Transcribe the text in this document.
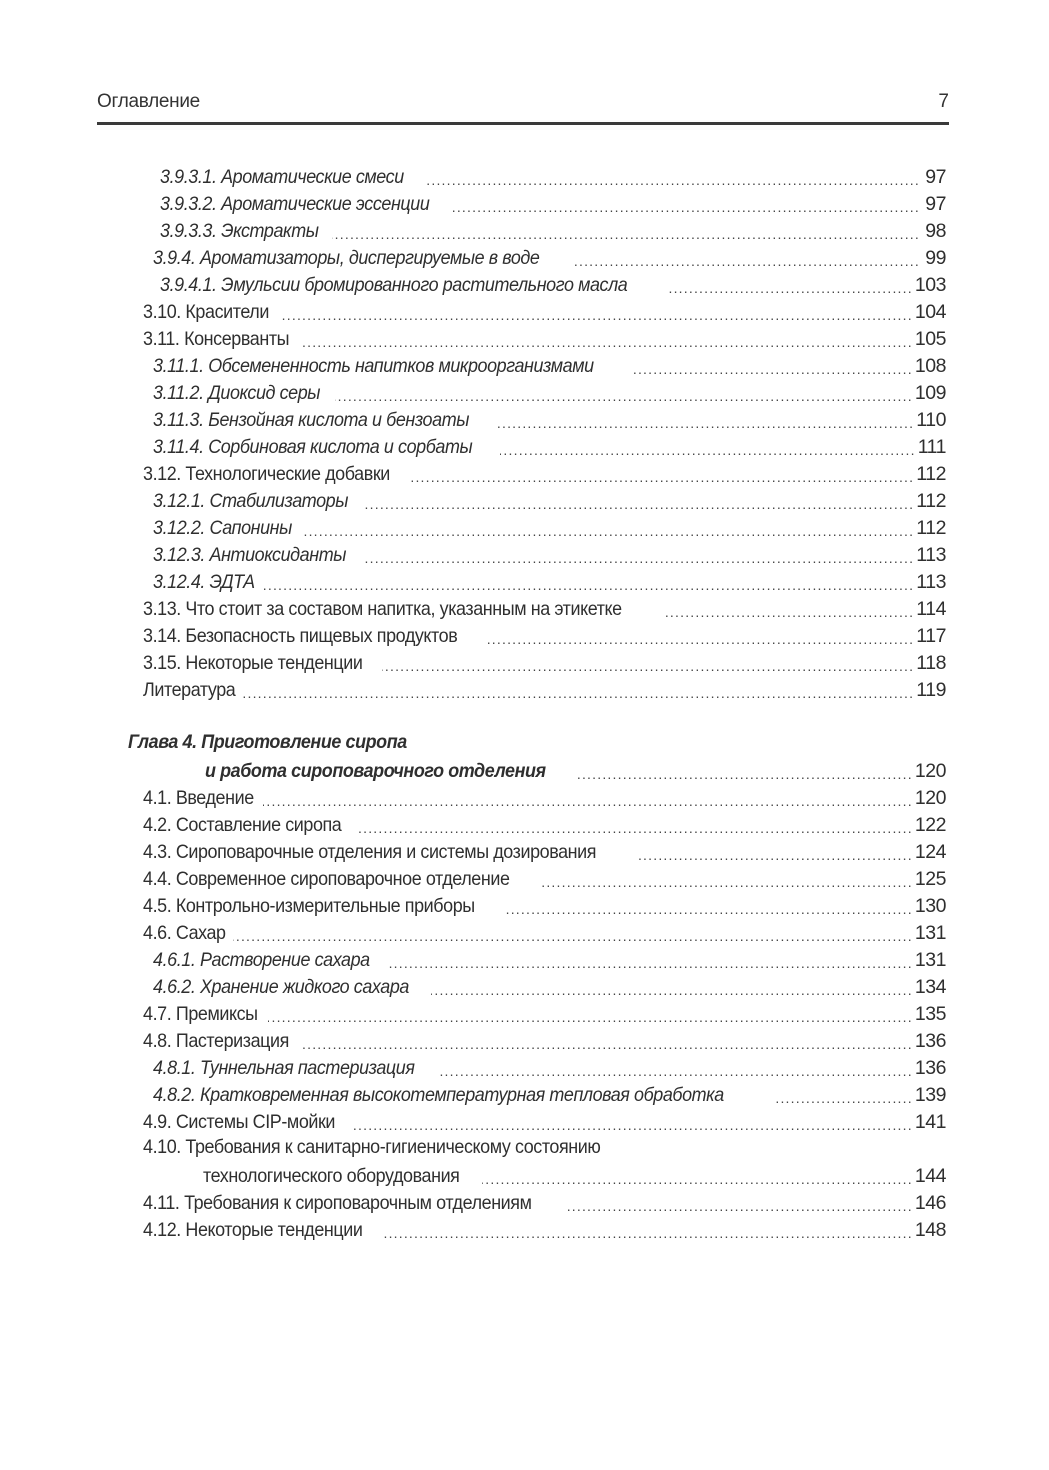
Оглавление	7
3.9.3.1. Ароматические смеси .....	97
3.9.3.2. Ароматические эссенции .....	97
3.9.3.3. Экстракты .....	98
3.9.4. Ароматизаторы, диспергируемые в воде .....	99
3.9.4.1. Эмульсии бромированного растительного масла .....	103
3.10. Красители .....	104
3.11. Консерванты .....	105
3.11.1. Обсемененность напитков микроорганизмами .....	108
3.11.2. Диоксид серы .....	109
3.11.3. Бензойная кислота и бензоаты .....	110
3.11.4. Сорбиновая кислота и сорбаты .....	111
3.12. Технологические добавки .....	112
3.12.1. Стабилизаторы .....	112
3.12.2. Сапонины .....	112
3.12.3. Антиоксиданты .....	113
3.12.4. ЭДТА .....	113
3.13. Что стоит за составом напитка, указанным на этикетке .....	114
3.14. Безопасность пищевых продуктов .....	117
3.15. Некоторые тенденции .....	118
Литература .....	119
Глава 4. Приготовление сиропа
и работа сироповарочного отделения .....	120
4.1. Введение .....	120
4.2. Составление сиропа .....	122
4.3. Сироповарочные отделения и системы дозирования .....	124
4.4. Современное сироповарочное отделение .....	125
4.5. Контрольно-измерительные приборы .....	130
4.6. Сахар .....	131
4.6.1. Растворение сахара .....	131
4.6.2. Хранение жидкого сахара .....	134
4.7. Премиксы .....	135
4.8. Пастеризация .....	136
4.8.1. Туннельная пастеризация .....	136
4.8.2. Кратковременная высокотемпературная тепловая обработка .....	139
4.9. Системы CIP-мойки .....	141
4.10. Требования к санитарно-гигиеническому состоянию
технологического оборудования .....	144
4.11. Требования к сироповарочным отделениям .....	146
4.12. Некоторые тенденции .....	148
